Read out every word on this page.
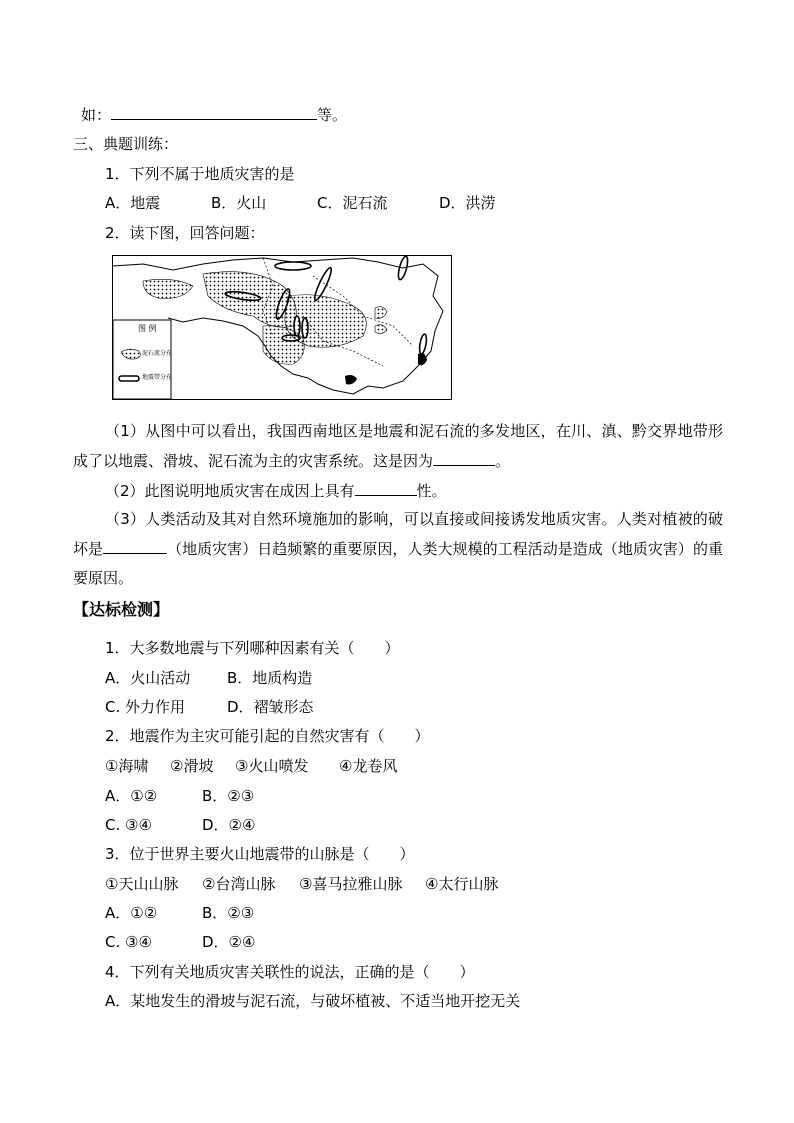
如：	等。
三、典题训练：
1．下列不属于地质灾害的是
A．地震	B．火山	C．泥石流	D．洪涝
2．读下图，回答问题：
图 例
泥石流分布
地震带分布
（1）从图中可以看出，我国西南地区是地震和泥石流的多发地区，在川、滇、黔交界地带形成了以地震、滑坡、泥石流为主的灾害系统。这是因为	。
（2）此图说明地质灾害在成因上具有	性。
（3）人类活动及其对自然环境施加的影响，可以直接或间接诱发地质灾害。人类对植被的破坏是	（地质灾害）日趋频繁的重要原因，人类大规模的工程活动是造成（地质灾害）的重要原因。
【达标检测】
1．大多数地震与下列哪种因素有关（　　）
A．火山活动 B．地质构造
C. 外力作用	D．褶皱形态
2．地震作为主灾可能引起的自然灾害有（　　）
①海啸 ②滑坡 ③火山喷发 ④龙卷风
A．①②	B．②③
C. ③④	D．②④
3．位于世界主要火山地震带的山脉是（　　）
①天山山脉 ②台湾山脉 ③喜马拉雅山脉 ④太行山脉
A．①②	B．②③
C. ③④	D．②④
4．下列有关地质灾害关联性的说法，正确的是（　　）
A．某地发生的滑坡与泥石流，与破坏植被、不适当地开挖无关
